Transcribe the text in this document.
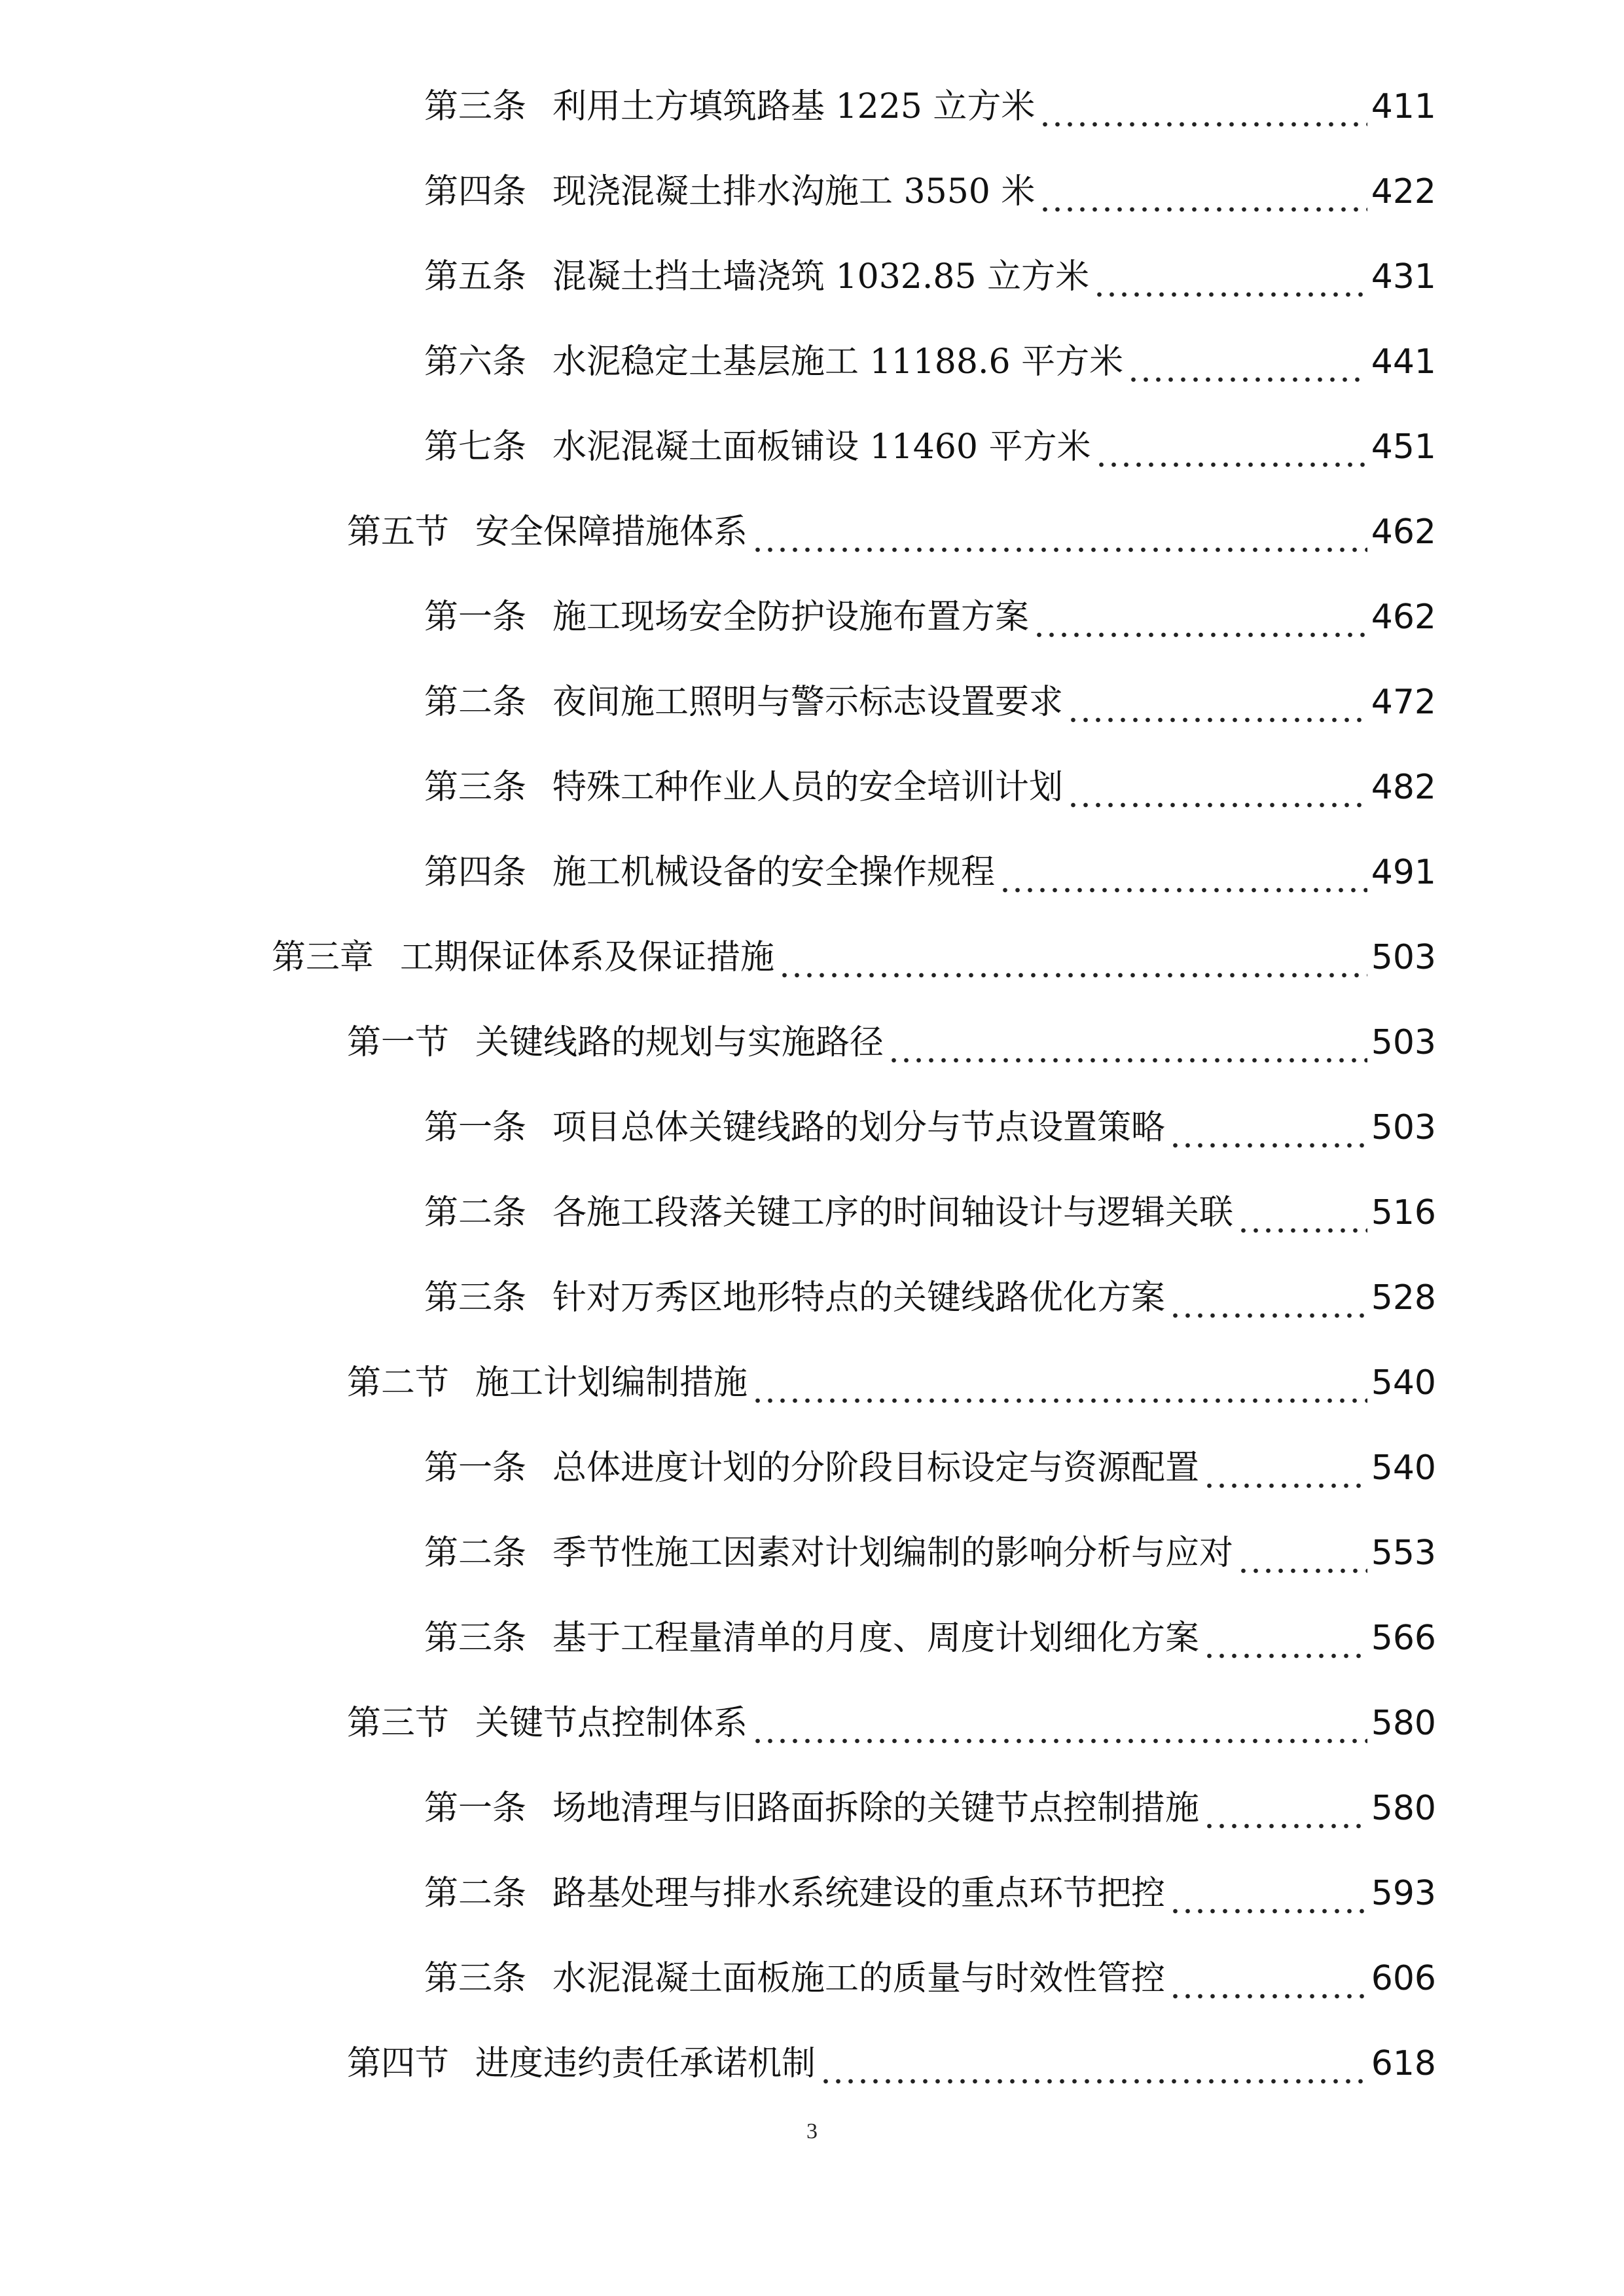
第三条 利用土方填筑路基 1225 立方米	411
第四条 现浇混凝土排水沟施工 3550 米	422
第五条 混凝土挡土墙浇筑 1032.85 立方米	431
第六条 水泥稳定土基层施工 11188.6 平方米	441
第七条 水泥混凝土面板铺设 11460 平方米	451
第五节 安全保障措施体系	462
第一条 施工现场安全防护设施布置方案	462
第二条 夜间施工照明与警示标志设置要求	472
第三条 特殊工种作业人员的安全培训计划	482
第四条 施工机械设备的安全操作规程	491
第三章 工期保证体系及保证措施	503
第一节 关键线路的规划与实施路径	503
第一条 项目总体关键线路的划分与节点设置策略	503
第二条 各施工段落关键工序的时间轴设计与逻辑关联	516
第三条 针对万秀区地形特点的关键线路优化方案	528
第二节 施工计划编制措施	540
第一条 总体进度计划的分阶段目标设定与资源配置	540
第二条 季节性施工因素对计划编制的影响分析与应对	553
第三条 基于工程量清单的月度、周度计划细化方案	566
第三节 关键节点控制体系	580
第一条 场地清理与旧路面拆除的关键节点控制措施	580
第二条 路基处理与排水系统建设的重点环节把控	593
第三条 水泥混凝土面板施工的质量与时效性管控	606
第四节 进度违约责任承诺机制	618
3
